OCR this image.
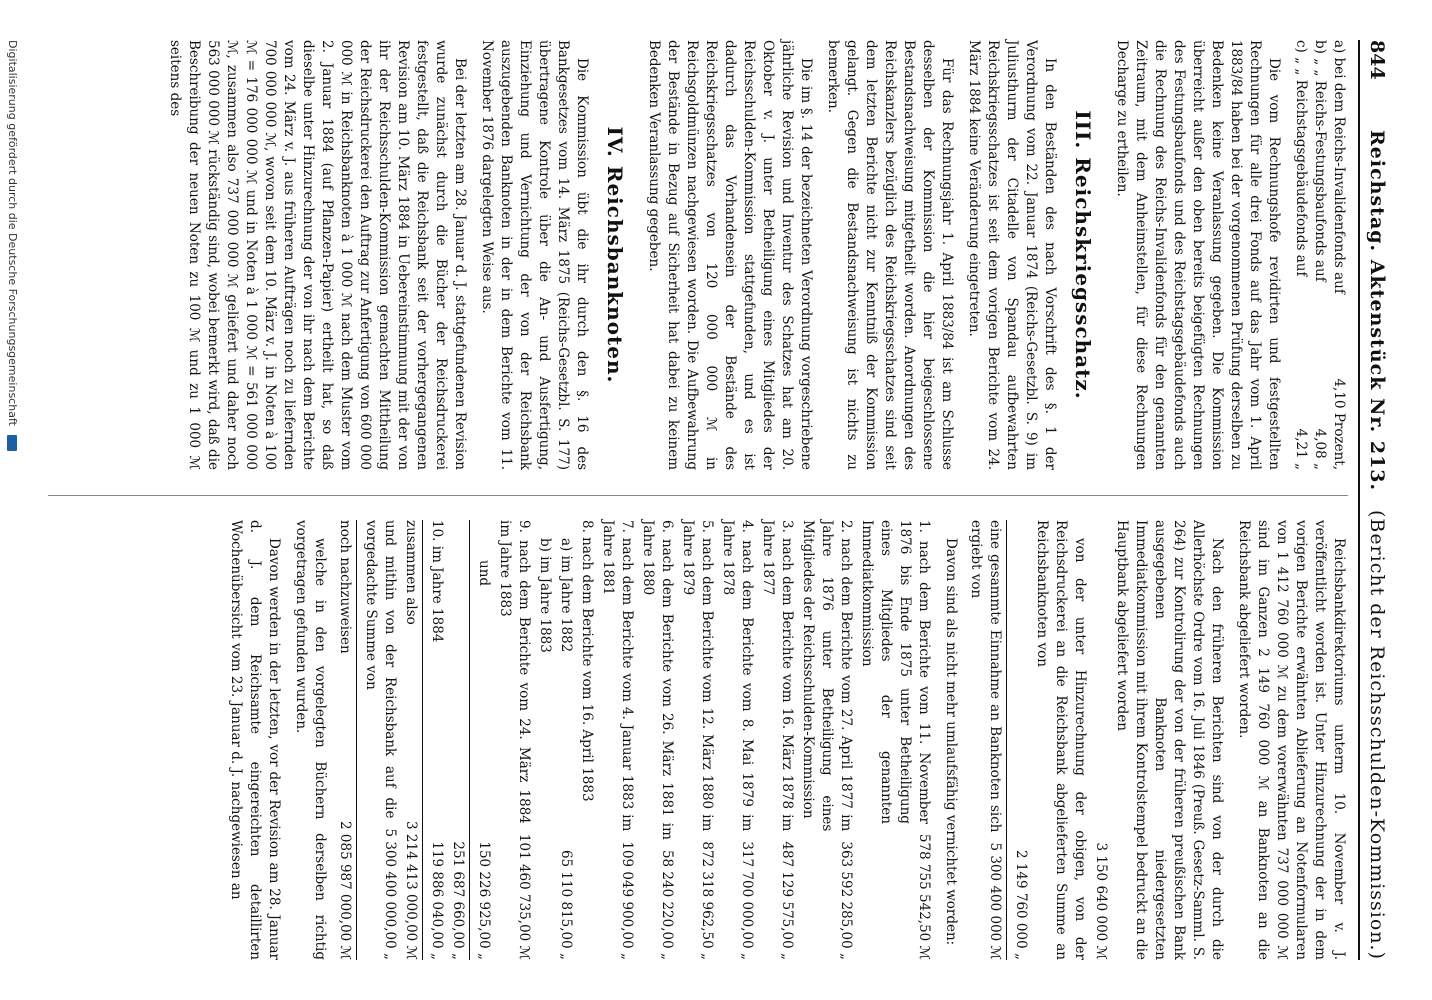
844
Reichstag. Aktenstück Nr. 213.
(Bericht der Reichsschulden-Kommission.)
a) bei dem Reichs-Invalidenfonds auf
4,10 Prozent,
b) „ „ Reichs-Festungsbaufonds auf
4,08 „
c) „ „ Reichstagsgebäudefonds auf
4,21 „

Die vom Rechnungshofe revidirten und festgestellten Rechnungen für alle drei Fonds auf das Jahr vom 1. April 1883/84 haben bei der vorgenommenen Prüfung derselben zu Bedenken keine Veranlassung gegeben. Die Kommission überreicht außer den oben bereits beigefügten Rechnungen des Festungsbaufonds und des Reichstagsgebäudefonds auch die Rechnung des Reichs-Invalidenfonds für den genannten Zeitraum, mit dem Anheimstellen, für diese Rechnungen Decharge zu ertheilen.

III. Reichskriegsschatz.

In den Beständen des nach Vorschrift des §. 1 der Verordnung vom 22. Januar 1874 (Reichs-Gesetzbl. S. 9) im Juliusthurm der Citadelle von Spandau aufbewahrten Reichskriegsschatzes ist seit dem vorigen Berichte vom 24. März 1884 keine Veränderung eingetreten.

Für das Rechnungsjahr 1. April 1883/84 ist am Schlusse desselben der Kommission die hier beigeschlossene Bestandsnachweisung mitgetheilt worden. Anordnungen des Reichskanzlers bezüglich des Reichskriegsschatzes sind seit dem letzten Berichte nicht zur Kenntniß der Kommission gelangt. Gegen die Bestandsnachweisung ist nichts zu bemerken.

Die im §. 14 der bezeichneten Verordnung vorgeschriebene jährliche Revision und Inventur des Schatzes hat am 20. Oktober v. J. unter Betheiligung eines Mitgliedes der Reichsschulden-Kommission stattgefunden, und es ist dadurch das Vorhandensein der Bestände des Reichskriegsschatzes von 120 000 000 ℳ in Reichsgoldmünzen nachgewiesen worden. Die Aufbewahrung der Bestände in Bezug auf Sicherheit hat dabei zu keinem Bedenken Veranlassung gegeben.

IV. Reichsbanknoten.

Die Kommission übt die ihr durch den §. 16 des Bankgesetzes vom 14. März 1875 (Reichs-Gesetzbl. S. 177) übertragene Kontrole über die An- und Ausfertigung, Einziehung und Vernichtung der von der Reichsbank auszugebenden Banknoten in der in dem Berichte vom 11. November 1876 dargelegten Weise aus.

Bei der letzten am 28. Januar d. J. stattgefundenen Revision wurde zunächst durch die Bücher der Reichsdruckerei festgestellt, daß die Reichsbank seit der vorhergegangenen Revision am 10. März 1884 in Uebereinstimmung mit der von ihr der Reichsschulden-Kommission gemachten Mittheilung der Reichsdruckerei den Auftrag zur Anfertigung von 600 000 000 ℳ in Reichsbanknoten à 1 000 ℳ nach dem Muster vom 2. Januar 1884 (auf Pflanzen-Papier) ertheilt hat, so daß dieselbe unter Hinzurechnung der von ihr nach dem Berichte vom 24. März v. J. aus früheren Aufträgen noch zu liefernden 700 000 000 ℳ, wovon seit dem 10. März v. J. in Noten à 100 ℳ = 176 000 000 ℳ und in Noten à 1 000 ℳ = 561 000 000 ℳ, zusammen also 737 000 000 ℳ geliefert und daher noch 563 000 000 ℳ rückständig sind, wobei bemerkt wird, daß die Beschreibung der neuen Noten zu 100 ℳ und zu 1 000 ℳ seitens des

Reichsbankdirektoriums unterm 10. November v. J. veröffentlicht worden ist. Unter Hinzurechnung der in dem vorigen Berichte erwähnten Ablieferung an Notenformularen von 1 412 760 000 ℳ zu dem vorerwähnten 737 000 000 ℳ sind im Ganzen 2 149 760 000 ℳ an Banknoten an die Reichsbank abgeliefert worden.

Nach den früheren Berichten sind von der durch die Allerhöchste Ordre vom 16. Juli 1846 (Preuß. Gesetz-Samml. S. 264) zur Kontrolirung der von der früheren preußischen Bank ausgegebenen Banknoten niedergesetzten Immediatkommission mit ihrem Kontrolstempel bedruckt an die Hauptbank abgeliefert worden

3 150 640 000 ℳ

von der unter Hinzurechnung der obigen, von der Reichsdruckerei an die Reichsbank abgelieferten Summe an Reichsbanknoten von

2 149 760 000 „
eine gesammte Einnahme an Banknoten sich ergiebt von
5 300 400 000 ℳ

Davon sind als nicht mehr umlaufsfähig vernichtet worden:

1. nach dem Berichte vom 11. November 1876 bis Ende 1875 unter Betheiligung eines Mitgliedes der genannten Immediatkommission
578 755 542,50 ℳ
2. nach dem Berichte vom 27. April 1877 im Jahre 1876 unter Betheiligung eines Mitgliedes der Reichsschulden-Kommission
363 592 285,00 „
3. nach dem Berichte vom 16. März 1878 im Jahre 1877
487 129 575,00 „
4. nach dem Berichte vom 8. Mai 1879 im Jahre 1878
317 700 000,00 „
5. nach dem Berichte vom 12. März 1880 im Jahre 1879
872 318 962,50 „
6. nach dem Berichte vom 26. März 1881 im Jahre 1880
58 240 220,00 „
7. nach dem Berichte vom 4. Januar 1883 im Jahre 1881
109 049 900,00 „
8. nach dem Berichte vom 16. April 1883
a) im Jahre 1882
65 110 815,00 „
b) im Jahre 1883
9. nach dem Berichte vom 24. März 1884 im Jahre 1883
101 460 735,00 ℳ
und
150 226 925,00 „
251 687 660,00 „
10. im Jahre 1884
119 886 040,00 „
zusammen also
3 214 413 000,00 ℳ
und mithin von der Reichsbank auf die vorgedachte Summe von
5 300 400 000,00 „
noch nachzuweisen
2 085 987 000,00 ℳ

welche in den vorgelegten Büchern derselben richtig vorgetragen gefunden wurden.

Davon werden in der letzten, vor der Revision am 28. Januar d. J. dem Reichsamte eingereichten detaillirten Wochenübersicht vom 23. Januar d. J. nachgewiesen an

Digitalisierung gefördert durch die Deutsche Forschungsgemeinschaft
